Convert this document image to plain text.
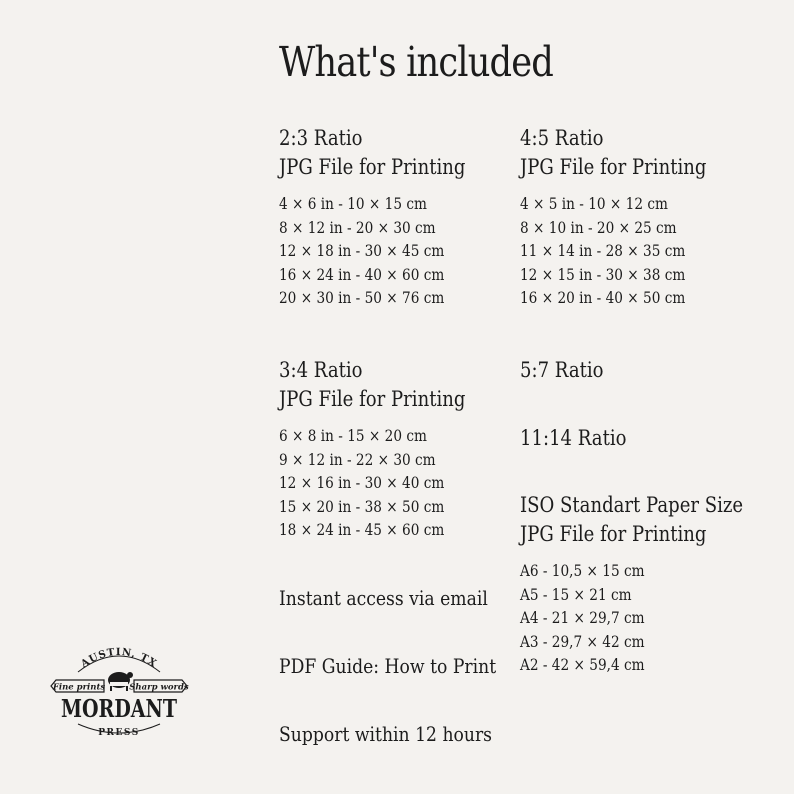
What's included
2:3 Ratio
JPG File for Printing
4 × 6 in - 10 × 15 cm
8 × 12 in - 20 × 30 cm
12 × 18 in - 30 × 45 cm
16 × 24 in - 40 × 60 cm
20 × 30 in - 50 × 76 cm
4:5 Ratio
JPG File for Printing
4 × 5 in - 10 × 12 cm
8 × 10 in - 20 × 25 cm
11 × 14 in - 28 × 35 cm
12 × 15 in - 30 × 38 cm
16 × 20 in - 40 × 50 cm
3:4 Ratio
JPG File for Printing
6 × 8 in - 15 × 20 cm
9 × 12 in - 22 × 30 cm
12 × 16 in - 30 × 40 cm
15 × 20 in - 38 × 50 cm
18 × 24 in - 45 × 60 cm
5:7 Ratio
11:14 Ratio
ISO Standart Paper Size
JPG File for Printing
A6 - 10,5 × 15 cm
A5 - 15 × 21 cm
A4 - 21 × 29,7 cm
A3 - 29,7 × 42 cm
A2 - 42 × 59,4 cm
Instant access via email
PDF Guide: How to Print
Support within 12 hours
AUSTIN, TX
Fine prints	Sharp words
MORDANT
PRESS
